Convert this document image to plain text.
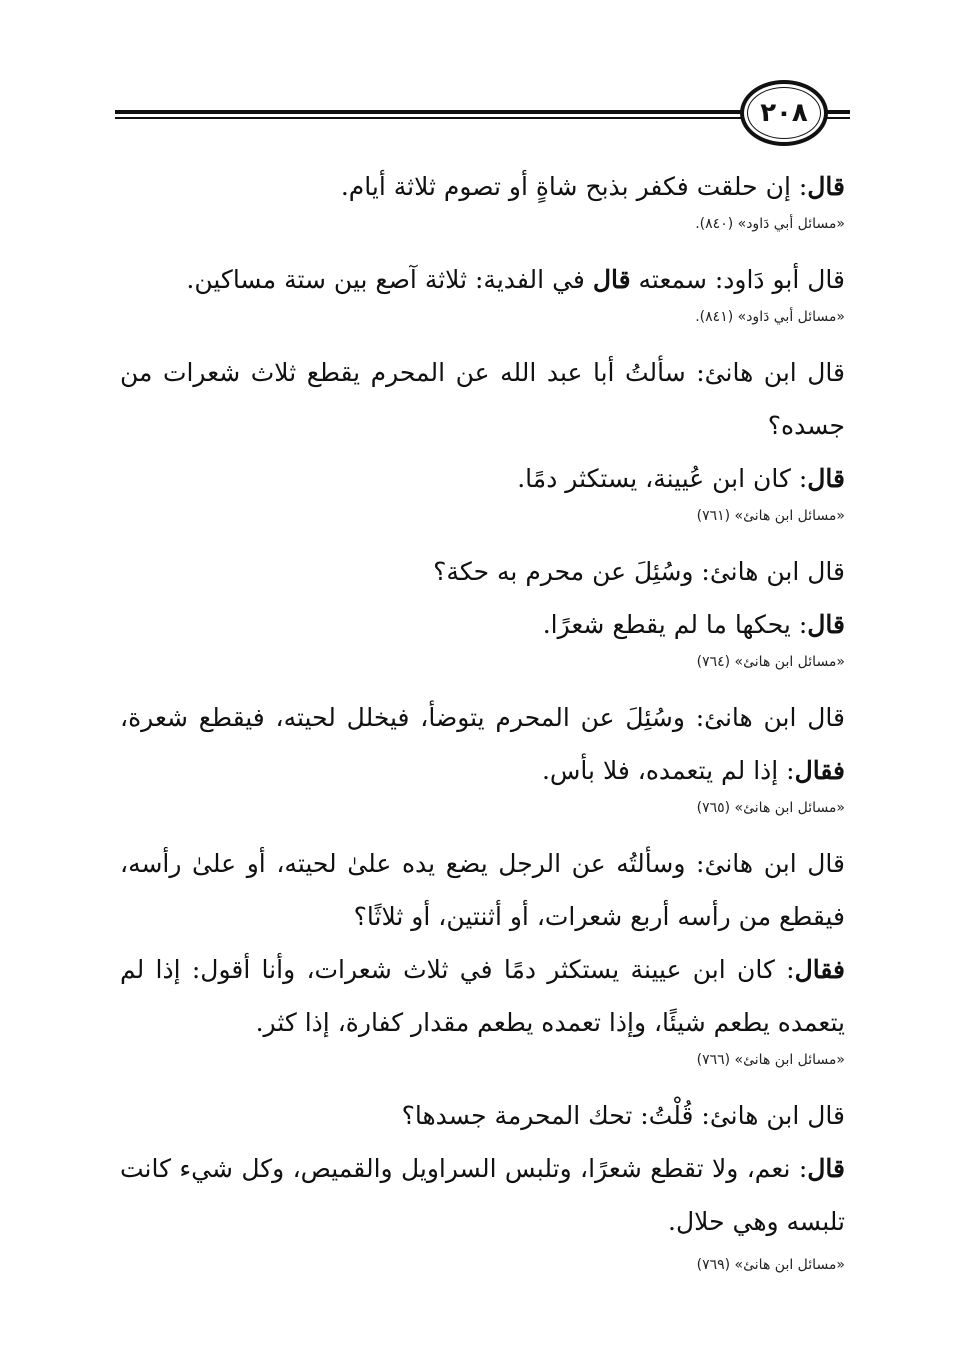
٢٠٨

قال: إن حلقت فكفر بذبح شاةٍ أو تصوم ثلاثة أيام.

«مسائل أبي دَاود» (٨٤٠).

قال أبو دَاود: سمعته قال في الفدية: ثلاثة آصع بين ستة مساكين.

«مسائل أبي دَاود» (٨٤١).

قال ابن هانئ: سألتُ أبا عبد الله عن المحرم يقطع ثلاث شعرات من جسده؟

قال: كان ابن عُيينة، يستكثر دمًا.

«مسائل ابن هانئ» (٧٦١)

قال ابن هانئ: وسُئِلَ عن محرم به حكة؟

قال: يحكها ما لم يقطع شعرًا.

«مسائل ابن هانئ» (٧٦٤)

قال ابن هانئ: وسُئِلَ عن المحرم يتوضأ، فيخلل لحيته، فيقطع شعرة، فقال: إذا لم يتعمده، فلا بأس.

«مسائل ابن هانئ» (٧٦٥)

قال ابن هانئ: وسألتُه عن الرجل يضع يده علىٰ لحيته، أو علىٰ رأسه، فيقطع من رأسه أربع شعرات، أو أثنتين، أو ثلاثًا؟

فقال: كان ابن عيينة يستكثر دمًا في ثلاث شعرات، وأنا أقول: إذا لم يتعمده يطعم شيئًا، وإذا تعمده يطعم مقدار كفارة، إذا كثر.

«مسائل ابن هانئ» (٧٦٦)

قال ابن هانئ: قُلْتُ: تحك المحرمة جسدها؟

قال: نعم، ولا تقطع شعرًا، وتلبس السراويل والقميص، وكل شيء كانت تلبسه وهي حلال.

«مسائل ابن هانئ» (٧٦٩)
